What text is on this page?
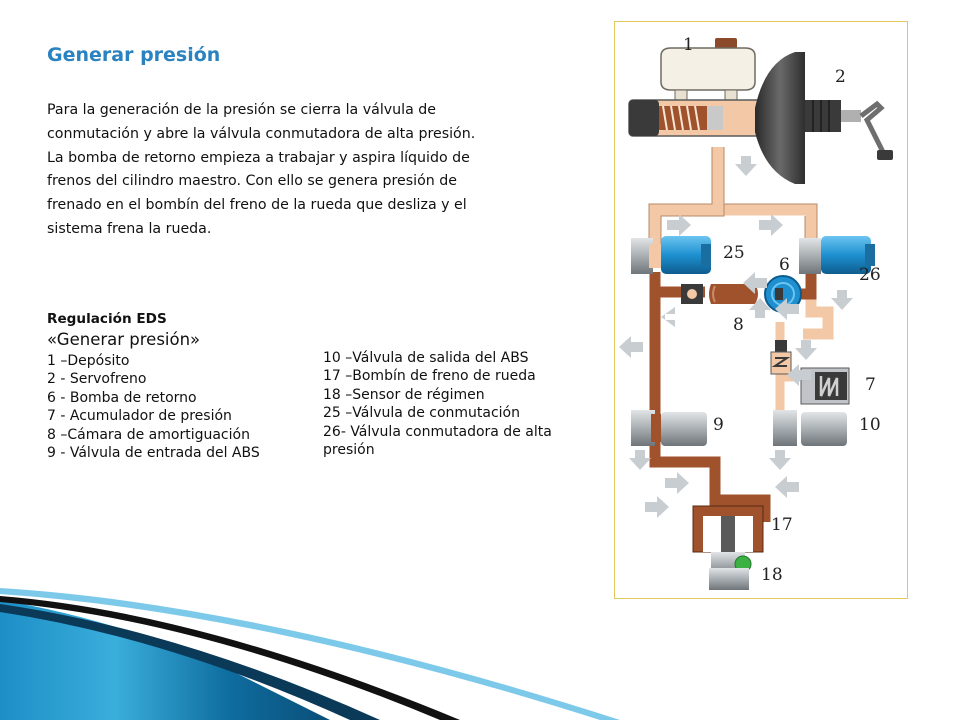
Generar presión

Para la generación de la presión se cierra la válvula de conmutación y abre la válvula conmutadora de alta presión.

La bomba de retorno empieza a trabajar y aspira líquido de frenos del cilindro maestro. Con ello se genera presión de frenado en el bombín del freno de la rueda que desliza y el sistema frena la rueda.

Regulación EDS
«Generar presión»
1 –Depósito
2 - Servofreno
6 - Bomba de retorno
7 - Acumulador de presión
8 –Cámara de amortiguación
9 - Válvula de entrada del ABS
10 –Válvula de salida del ABS
17 –Bombín de freno de rueda
18 –Sensor de régimen
25 –Válvula de conmutación
26- Válvula conmutadora de alta presión
1
2
25
6	26
8
7
9	10
17
18
